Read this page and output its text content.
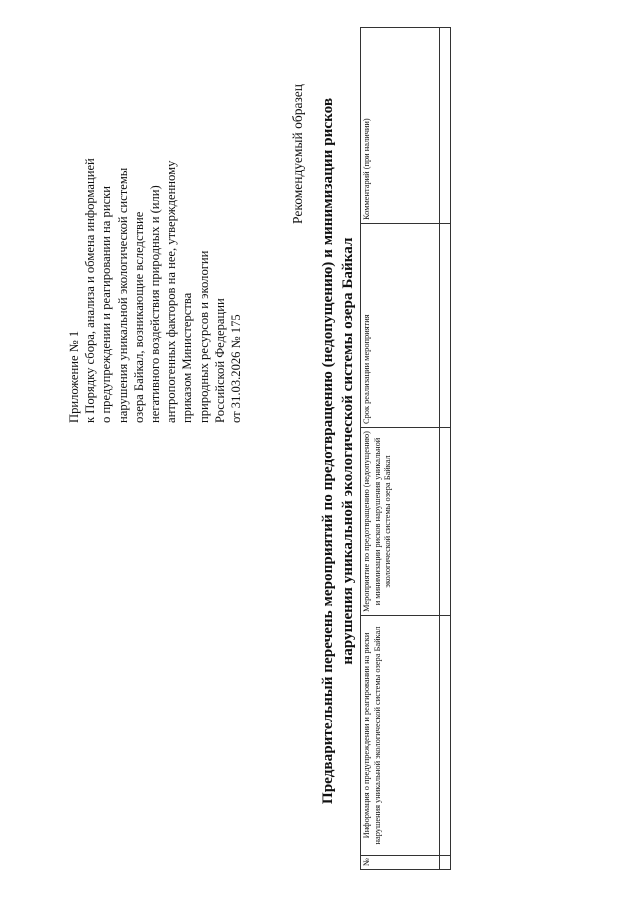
Приложение № 1 к Порядку сбора, анализа и обмена информацией о предупреждении и реагировании на риски нарушения уникальной экологической системы озера Байкал, возникающие вследствие негативного воздействия природных и (или) антропогенных факторов на нее, утвержденному приказом Министерства природных ресурсов и экологии Российской Федерации от 31.03.2026 № 175
Рекомендуемый образец Предварительный перечень мероприятий по предотвращению (недопущению) и минимизации рисков нарушения уникальной экологической системы озера Байкал
№	Информация о предупреждении и реагировании на риски нарушения уникальной экологической системы озера Байкал	Мероприятие по предотвращению (недопущению) и минимизации рисков нарушения уникальной экологической системы озера Байкал	Срок реализации мероприятия	Комментарий (при наличии)
